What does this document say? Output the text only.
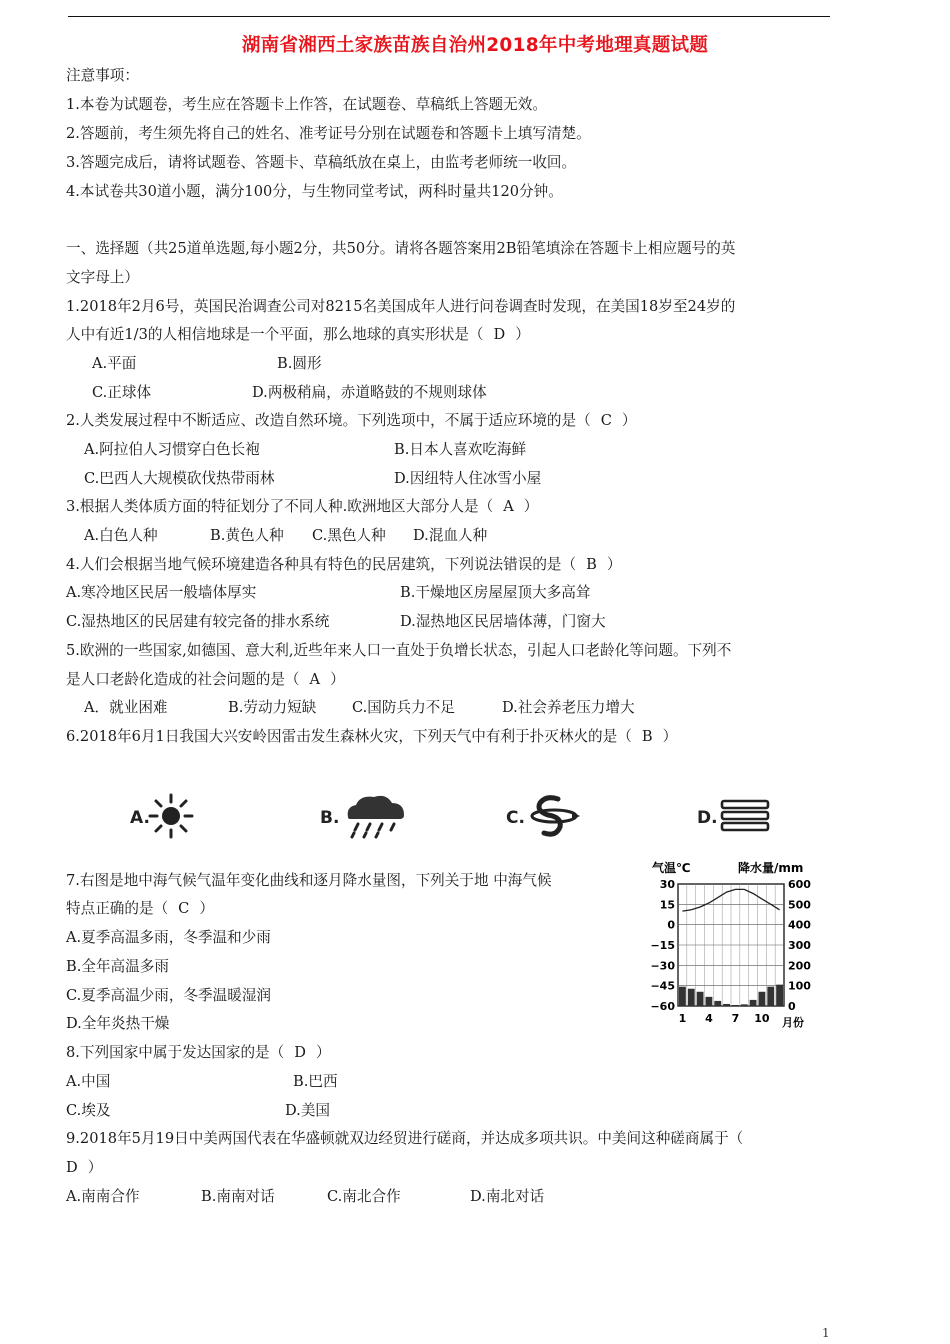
湖南省湘西土家族苗族自治州2018年中考地理真题试题
注意事项：
1.本卷为试题卷，考生应在答题卡上作答，在试题卷、草稿纸上答题无效。
2.答题前，考生须先将自己的姓名、准考证号分别在试题卷和答题卡上填写清楚。
3.答题完成后，请将试题卷、答题卡、草稿纸放在桌上，由监考老师统一收回。
4.本试卷共30道小题，满分100分，与生物同堂考试，两科时量共120分钟。
一、选择题（共25道单选题,每小题2分，共50分。请将各题答案用2B铅笔填涂在答题卡上相应题号的英
文字母上）
1.2018年2月6号，英国民治调查公司对8215名美国成年人进行问卷调查时发现，在美国18岁至24岁的
人中有近1/3的人相信地球是一个平面，那么地球的真实形状是（ D ）
A.平面	B.圆形
C.正球体	D.两极稍扁，赤道略鼓的不规则球体
2.人类发展过程中不断适应、改造自然环境。下列选项中，不属于适应环境的是（ C ）
A.阿拉伯人习惯穿白色长袍	B.日本人喜欢吃海鲜
C.巴西人大规模砍伐热带雨林	D.因纽特人住冰雪小屋
3.根据人类体质方面的特征划分了不同人种.欧洲地区大部分人是（ A ）
A.白色人种	B.黄色人种 C.黑色人种 D.混血人种
4.人们会根据当地气候环境建造各种具有特色的民居建筑，下列说法错误的是（ B ）
A.寒冷地区民居一般墙体厚实	B.干燥地区房屋屋顶大多高耸
C.湿热地区的民居建有较完备的排水系统	D.湿热地区民居墙体薄，门窗大
5.欧洲的一些国家,如德国、意大利,近些年来人口一直处于负增长状态，引起人口老龄化等问题。下列不
是人口老龄化造成的社会问题的是（ A ）
A．就业困难	B.劳动力短缺 C.国防兵力不足	D.社会养老压力增大
6.2018年6月1日我国大兴安岭因雷击发生森林火灾，下列天气中有利于扑灭林火的是（ B ）
A.	B.	C.	D.
7.右图是地中海气候气温年变化曲线和逐月降水量图，下列关于地 中海气候
特点正确的是（ C ）
A.夏季高温多雨，冬季温和少雨
B.全年高温多雨
C.夏季高温少雨，冬季温暖湿润
D.全年炎热干燥
气温℃	降水量/mm
30	600
15	500
0	400
−15	300
−30	200
−45	100
−60	0
1 4 7 10 月份
8.下列国家中属于发达国家的是（ D ）
A.中国	B.巴西
C.埃及	D.美国
9.2018年5月19日中美两国代表在华盛顿就双边经贸进行磋商，并达成多项共识。中美间这种磋商属于（
D ）
A.南南合作	B.南南对话	C.南北合作	D.南北对话
1
